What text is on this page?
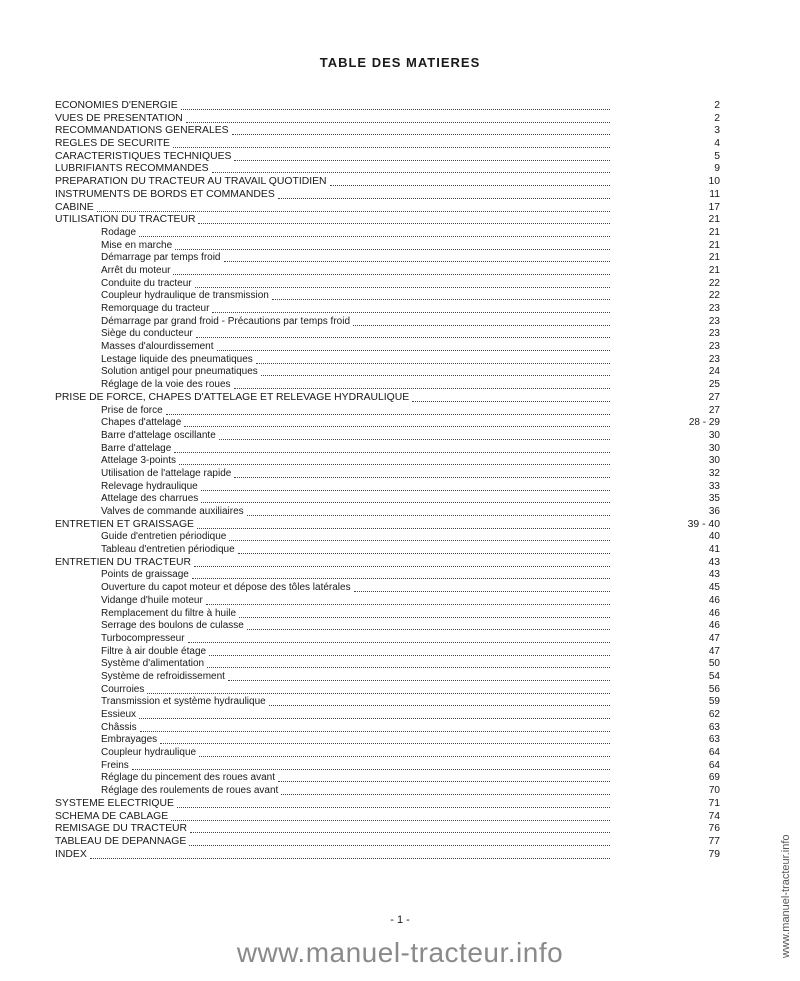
TABLE DES MATIERES
ECONOMIES D'ENERGIE	2
VUES DE PRESENTATION	2
RECOMMANDATIONS GENERALES	3
REGLES DE SECURITE	4
CARACTERISTIQUES TECHNIQUES	5
LUBRIFIANTS RECOMMANDES	9
PREPARATION DU TRACTEUR AU TRAVAIL QUOTIDIEN	10
INSTRUMENTS DE BORDS ET COMMANDES	11
CABINE	17
UTILISATION DU TRACTEUR	21
Rodage	21
Mise en marche	21
Démarrage par temps froid	21
Arrêt du moteur	21
Conduite du tracteur	22
Coupleur hydraulique de transmission	22
Remorquage du tracteur	23
Démarrage par grand froid - Précautions par temps froid	23
Siège du conducteur	23
Masses d'alourdissement	23
Lestage liquide des pneumatiques	23
Solution antigel pour pneumatiques	24
Réglage de la voie des roues	25
PRISE DE FORCE, CHAPES D'ATTELAGE ET RELEVAGE HYDRAULIQUE	27
Prise de force	27
Chapes d'attelage	28 - 29
Barre d'attelage oscillante	30
Barre d'attelage	30
Attelage 3-points	30
Utilisation de l'attelage rapide	32
Relevage hydraulique	33
Attelage des charrues	35
Valves de commande auxiliaires	36
ENTRETIEN ET GRAISSAGE	39 - 40
Guide d'entretien périodique	40
Tableau d'entretien périodique	41
ENTRETIEN DU TRACTEUR	43
Points de graissage	43
Ouverture du capot moteur et dépose des tôles latérales	45
Vidange d'huile moteur	46
Remplacement du filtre à huile	46
Serrage des boulons de culasse	46
Turbocompresseur	47
Filtre à air double étage	47
Système d'alimentation	50
Système de refroidissement	54
Courroies	56
Transmission et système hydraulique	59
Essieux	62
Châssis	63
Embrayages	63
Coupleur hydraulique	64
Freins	64
Réglage du pincement des roues avant	69
Réglage des roulements de roues avant	70
SYSTEME ELECTRIQUE	71
SCHEMA DE CABLAGE	74
REMISAGE DU TRACTEUR	76
TABLEAU DE DEPANNAGE	77
INDEX	79
- 1 -
www.manuel-tracteur.info	www.manuel-tracteur.info
